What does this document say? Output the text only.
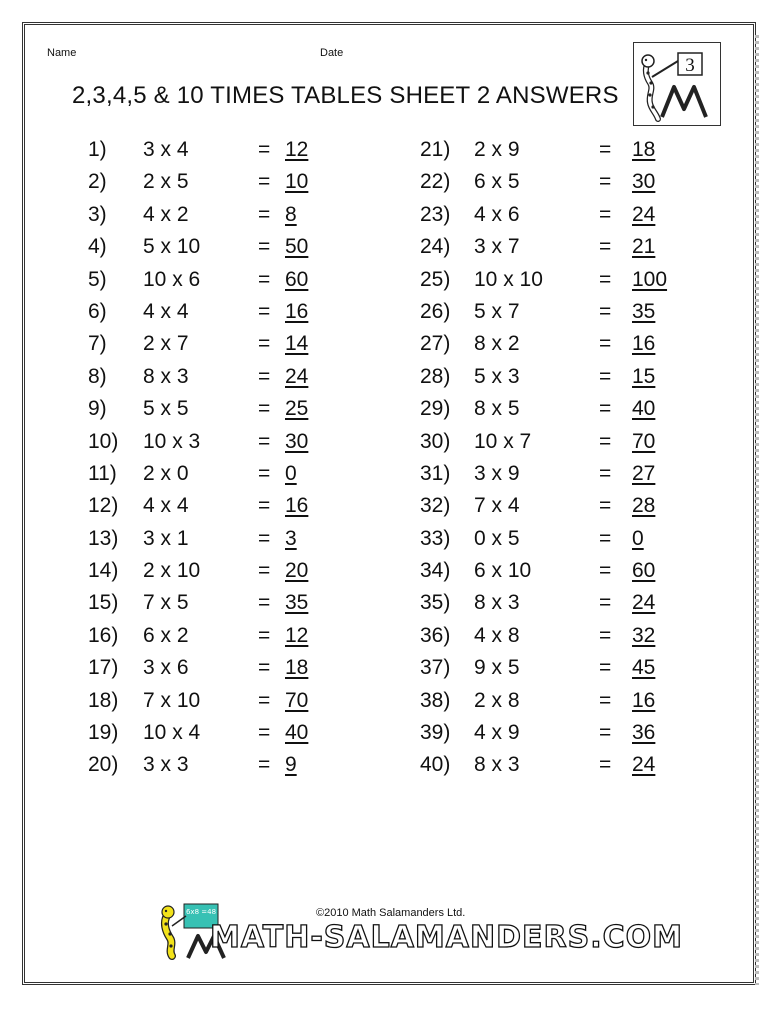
Name	Date
2,3,4,5 & 10 TIMES TABLES SHEET 2 ANSWERS
3
1) 3 x 4	= 12
2) 2 x 5	= 10
3) 4 x 2	= 8
4) 5 x 10	= 50
5) 10 x 6	= 60
6) 4 x 4	= 16
7) 2 x 7	= 14
8) 8 x 3	= 24
9) 5 x 5	= 25
10) 10 x 3	= 30
11) 2 x 0	= 0
12) 4 x 4	= 16
13) 3 x 1	= 3
14) 2 x 10	= 20
15) 7 x 5	= 35
16) 6 x 2	= 12
17) 3 x 6	= 18
18) 7 x 10	= 70
19) 10 x 4	= 40
20) 3 x 3	= 9
21) 2 x 9	= 18
22) 6 x 5	= 30
23) 4 x 6	= 24
24) 3 x 7	= 21
25) 10 x 10	= 100
26) 5 x 7	= 35
27) 8 x 2	= 16
28) 5 x 3	= 15
29) 8 x 5	= 40
30) 10 x 7	= 70
31) 3 x 9	= 27
32) 7 x 4	= 28
33) 0 x 5	= 0
34) 6 x 10	= 60
35) 8 x 3	= 24
36) 4 x 8	= 32
37) 9 x 5	= 45
38) 2 x 8	= 16
39) 4 x 9	= 36
40) 8 x 3	= 24
6x8 =48	©2010 Math Salamanders Ltd.
MATH-SALAMANDERS.COM
